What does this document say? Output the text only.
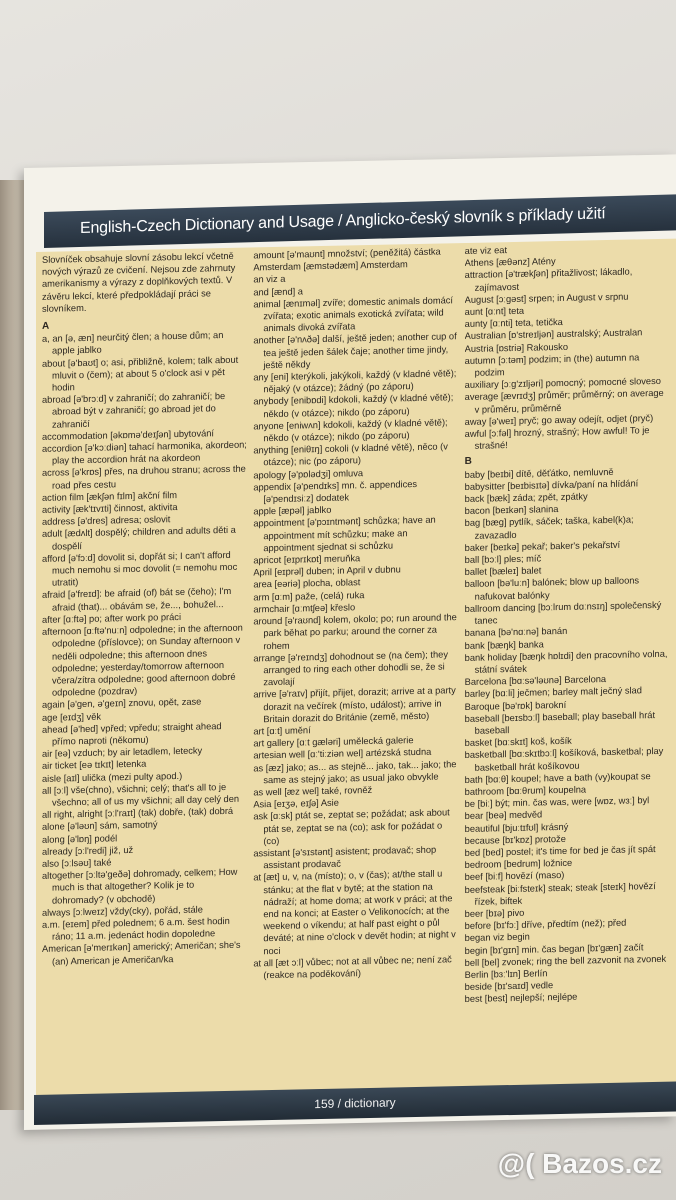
English-Czech Dictionary and Usage / Anglicko-český slovník s příklady užití
Slovníček obsahuje slovní zásobu lekcí včetně nových výrazů ze cvičení. Nejsou zde zahrnuty amerikanismy a výrazy z doplňkových textů. V závěru lekcí, které předpokládají práci se slovníkem.
A

a, an [ə, æn] neurčitý člen; a house dům; an apple jablko

about [ə'baʊt] o; asi, přibližně, kolem; talk about mluvit o (čem); at about 5 o'clock asi v pět hodin

abroad [ə'brɔːd] v zahraničí; do zahraničí; be abroad být v zahraničí; go abroad jet do zahraničí

accommodation [əkɒmə'deɪʃən] ubytování

accordion [ə'kɔːdiən] tahací harmonika, akordeon; play the accordion hrát na akordeon

across [ə'krɒs] přes, na druhou stranu; across the road přes cestu

action film [ækʃən fɪlm] akční film

activity [æk'tɪvɪti] činnost, aktivita

address [ə'dres] adresa; oslovit

adult [ædʌlt] dospělý; children and adults děti a dospělí

afford [ə'fɔːd] dovolit si, dopřát si; I can't afford much nemohu si moc dovolit (= nemohu moc utratit)

afraid [ə'freɪd]: be afraid (of) bát se (čeho); I'm afraid (that)... obávám se, že..., bohužel...

after [ɑːftə] po; after work po práci

afternoon [ɑːftə'nuːn] odpoledne; in the afternoon odpoledne (příslovce); on Sunday afternoon v neděli odpoledne; this afternoon dnes odpoledne; yesterday/tomorrow afternoon včera/zítra odpoledne; good afternoon dobré odpoledne (pozdrav)

again [ə'gen, ə'geɪn] znovu, opět, zase

age [eɪdʒ] věk

ahead [ə'hed] vpřed; vpředu; straight ahead přímo naproti (někomu)

air [eə] vzduch; by air letadlem, letecky

air ticket [eə tɪkɪt] letenka

aisle [aɪl] ulička (mezi pulty apod.)

all [ɔːl] vše(chno), všichni; celý; that's all to je všechno; all of us my všichni; all day celý den

all right, alright [ɔːl'raɪt] (tak) dobře, (tak) dobrá

alone [ə'ləʊn] sám, samotný

along [ə'lɒŋ] podél

already [ɔːl'redi] již, už

also [ɔːlsəʊ] také

altogether [ɔːltə'geðə] dohromady, celkem; How much is that altogether? Kolik je to dohromady? (v obchodě)

always [ɔːlweɪz] vždy(cky), pořád, stále

a.m. [eɪem] před polednem; 6 a.m. šest hodin ráno; 11 a.m. jedenáct hodin dopoledne

American [ə'merɪkən] americký; Američan; she's (an) American je Američan/ka

amount [ə'maʊnt] množství; (peněžitá) částka

Amsterdam [æmstədæm] Amsterdam

an viz a

and [ænd] a

animal [ænɪməl] zvíře; domestic animals domácí zvířata; exotic animals exotická zvířata; wild animals divoká zvířata

another [ə'nʌðə] další, ještě jeden; another cup of tea ještě jeden šálek čaje; another time jindy, ještě někdy

any [eni] kterýkoli, jakýkoli, každý (v kladné větě); nějaký (v otázce); žádný (po záporu)

anybody [enibɒdi] kdokoli, každý (v kladné větě); někdo (v otázce); nikdo (po záporu)

anyone [eniwʌn] kdokoli, každý (v kladné větě); někdo (v otázce); nikdo (po záporu)

anything [eniθɪŋ] cokoli (v kladné větě), něco (v otázce); nic (po záporu)

apology [ə'pɒlədʒi] omluva

appendix [ə'pendɪks] mn. č. appendices [ə'pendɪsiːz] dodatek

apple [æpəl] jablko

appointment [ə'pɔɪntmənt] schůzka; have an appointment mít schůzku; make an appointment sjednat si schůzku

apricot [eɪprɪkɒt] meruňka

April [eɪprəl] duben; in April v dubnu

area [eəriə] plocha, oblast

arm [ɑːm] paže, (celá) ruka

armchair [ɑːmtʃeə] křeslo

around [ə'raʊnd] kolem, okolo; po; run around the park běhat po parku; around the corner za rohem

arrange [ə'reɪndʒ] dohodnout se (na čem); they arranged to ring each other dohodli se, že si zavolají

arrive [ə'raɪv] přijít, přijet, dorazit; arrive at a party dorazit na večírek (místo, událost); arrive in Britain dorazit do Británie (země, město)

art [ɑːt] umění

art gallery [ɑːt gæləri] umělecká galerie

artesian well [ɑː'tiːziən wel] artézská studna

as [æz] jako; as... as stejně... jako, tak... jako; the same as stejný jako; as usual jako obvykle

as well [æz wel] také, rovněž

Asia [eɪʒə, eɪʃə] Asie

ask [ɑːsk] ptát se, zeptat se; požádat; ask about ptát se, zeptat se na (co); ask for požádat o (co)

assistant [ə'sɪstənt] asistent; prodavač; shop assistant prodavač

at [æt] u, v, na (místo); o, v (čas); at/the stall u stánku; at the flat v bytě; at the station na nádraží; at home doma; at work v práci; at the end na konci; at Easter o Velikonocích; at the weekend o víkendu; at half past eight o půl deváté; at nine o'clock v devět hodin; at night v noci

at all [æt ɔːl] vůbec; not at all vůbec ne; není zač (reakce na poděkování)

ate viz eat

Athens [æθənz] Atény

attraction [ə'trækʃən] přitažlivost; lákadlo, zajímavost

August [ɔːgəst] srpen; in August v srpnu

aunt [ɑːnt] teta

aunty [ɑːnti] teta, tetička

Australian [ɒ'streɪljən] australský; Australan

Austria [ɒstriə] Rakousko

autumn [ɔːtəm] podzim; in (the) autumn na podzim

auxiliary [ɔːg'zɪljəri] pomocný; pomocné sloveso

average [ævrɪdʒ] průměr; průměrný; on average v průměru, průměrně

away [ə'weɪ] pryč; go away odejít, odjet (pryč)

awful [ɔːfəl] hrozný, strašný; How awful! To je strašné!

B

baby [beɪbi] dítě, děťátko, nemluvně

babysitter [beɪbisɪtə] dívka/paní na hlídání

back [bæk] záda; zpět, zpátky

bacon [beɪkən] slanina

bag [bæg] pytlík, sáček; taška, kabel(k)a; zavazadlo

baker [beɪkə] pekař; baker's pekařství

ball [bɔːl] ples; míč

ballet [bæleɪ] balet

balloon [bə'luːn] balónek; blow up balloons nafukovat balónky

ballroom dancing [bɔːlrum dɑːnsɪŋ] společenský tanec

banana [bə'nɑːnə] banán

bank [bæŋk] banka

bank holiday [bæŋk hɒlɪdi] den pracovního volna, státní svátek

Barcelona [bɑːsə'ləʊnə] Barcelona

barley [bɑːli] ječmen; barley malt ječný slad

Baroque [bə'rɒk] barokní

baseball [beɪsbɔːl] baseball; play baseball hrát baseball

basket [bɑːskɪt] koš, košík

basketball [bɑːskɪtbɔːl] košíková, basketbal; play basketball hrát košíkovou

bath [bɑːθ] koupel; have a bath (vy)koupat se

bathroom [bɑːθrum] koupelna

be [biː] být; min. čas was, were [wɒz, wɜː] byl

bear [beə] medvěd

beautiful [bjuːtɪfʊl] krásný

because [bɪ'kɒz] protože

bed [bed] postel; it's time for bed je čas jít spát

bedroom [bedrum] ložnice

beef [biːf] hovězí (maso)

beefsteak [biːfsteɪk] steak; steak [steɪk] hovězí řízek, biftek

beer [bɪə] pivo

before [bɪ'fɔː] dříve, předtím (než); před

began viz begin

begin [bɪ'gɪn] min. čas began [bɪ'gæn] začít

bell [bel] zvonek; ring the bell zazvonit na zvonek

Berlin [bɜː'lɪn] Berlín

beside [bɪ'saɪd] vedle

best [best] nejlepší; nejlépe

159 / dictionary
@( Bazos.cz
